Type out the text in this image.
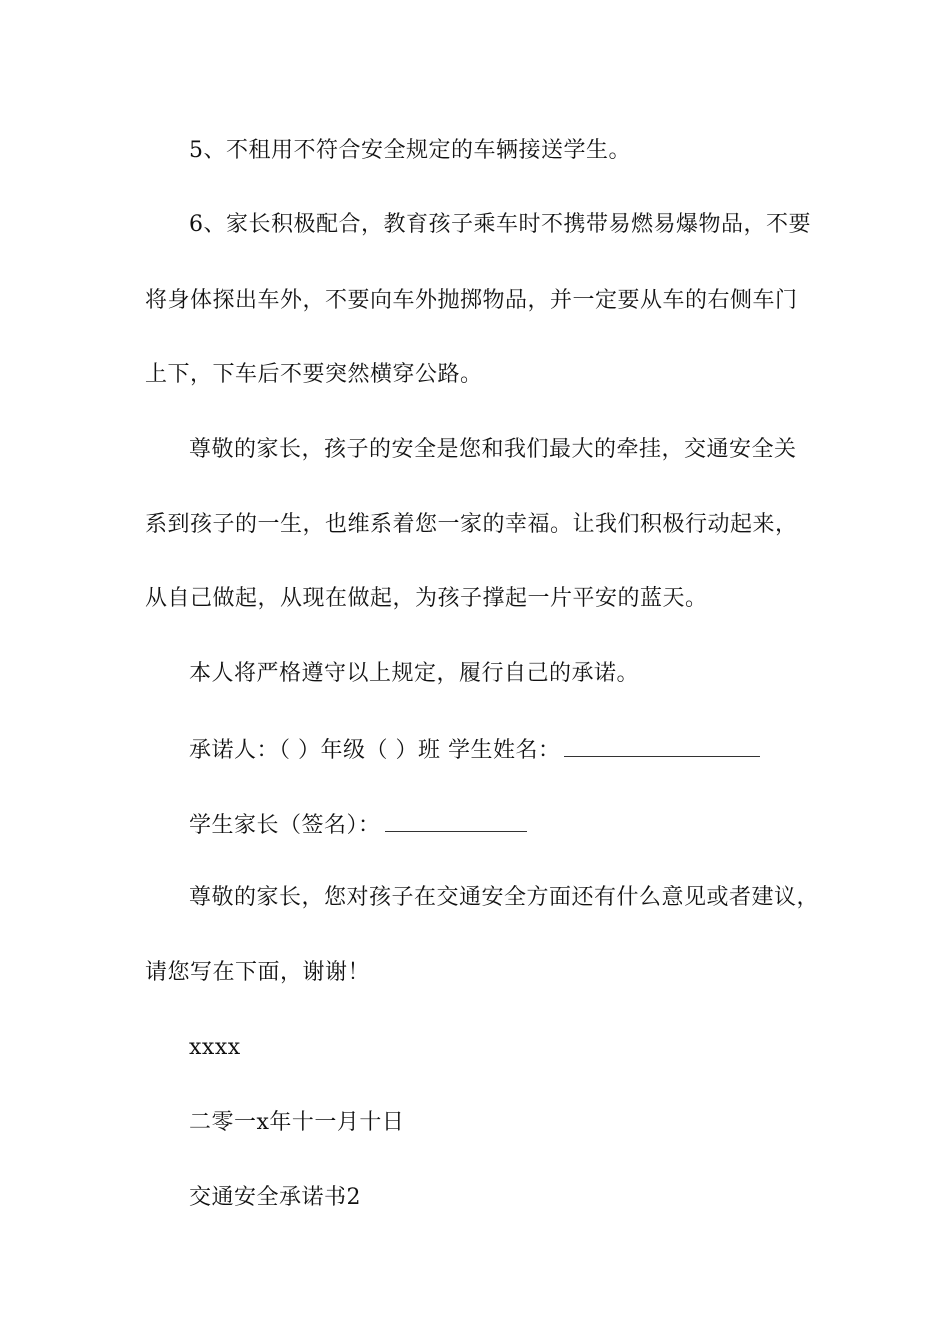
5、不租用不符合安全规定的车辆接送学生。
6、家长积极配合，教育孩子乘车时不携带易燃易爆物品，不要
将身体探出车外，不要向车外抛掷物品，并一定要从车的右侧车门
上下，下车后不要突然横穿公路。
尊敬的家长，孩子的安全是您和我们最大的牵挂，交通安全关
系到孩子的一生，也维系着您一家的幸福。让我们积极行动起来，
从自己做起，从现在做起，为孩子撑起一片平安的蓝天。
本人将严格遵守以上规定，履行自己的承诺。
承诺人：（ ）年级（ ）班 学生姓名：
学生家长（签名）：
尊敬的家长，您对孩子在交通安全方面还有什么意见或者建议，
请您写在下面，谢谢！
xxxx
二零一x年十一月十日
交通安全承诺书2
